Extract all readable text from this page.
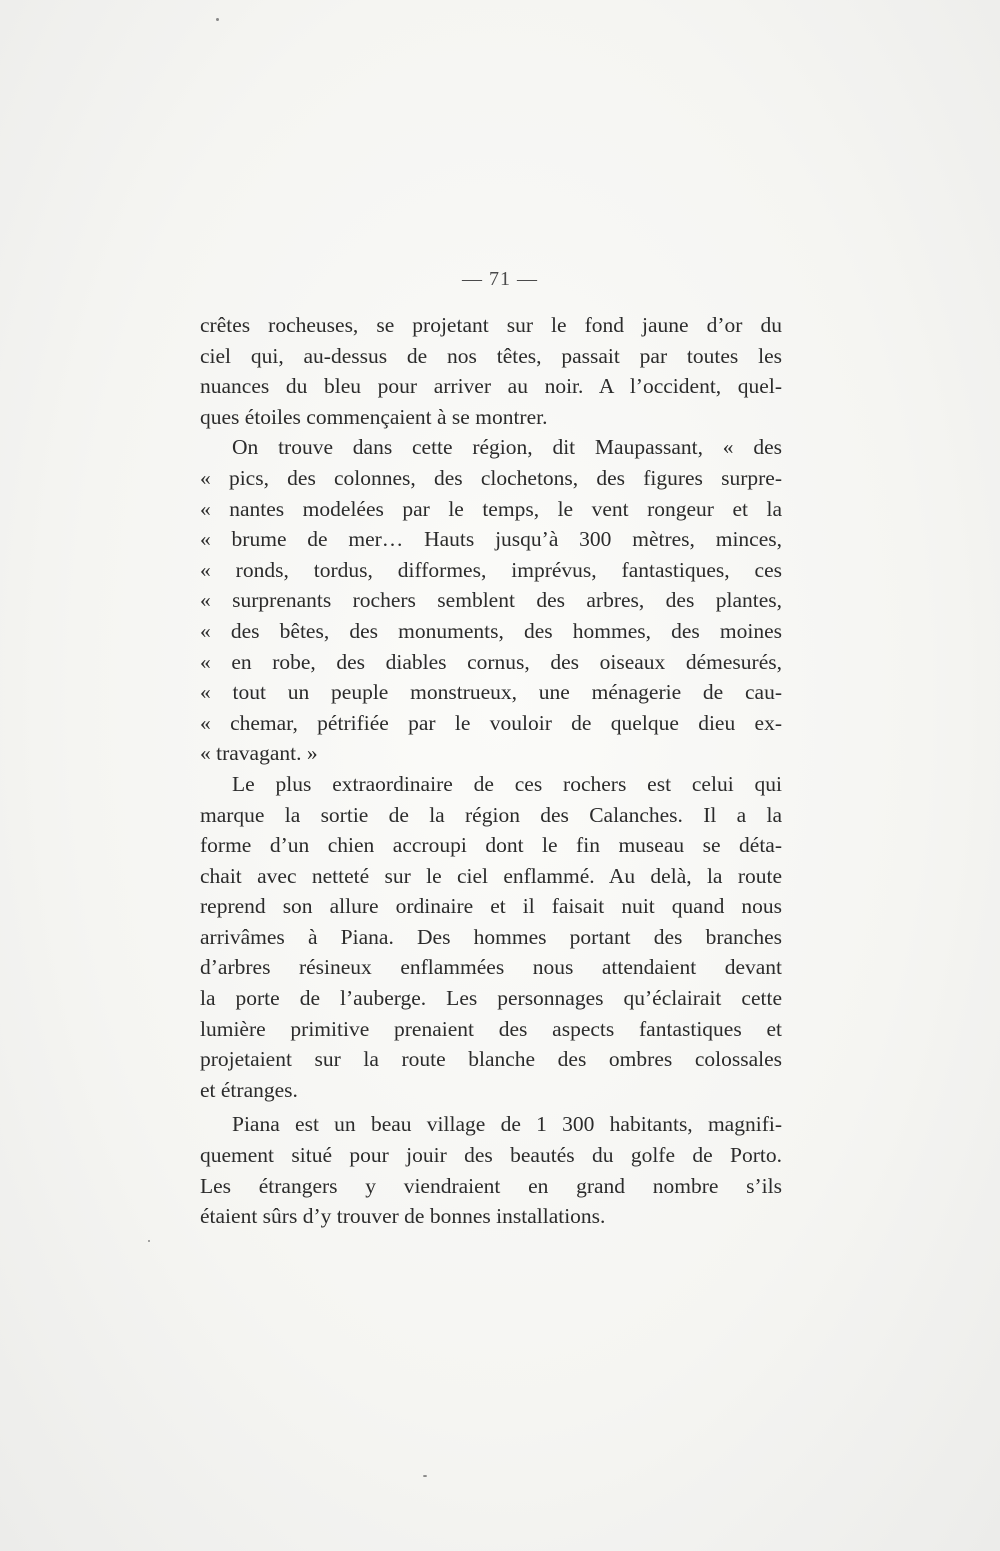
— 71 —
crêtes rocheuses, se projetant sur le fond jaune d’or du
ciel qui, au-dessus de nos têtes, passait par toutes les
nuances du bleu pour arriver au noir. A l’occident, quel-
ques étoiles commençaient à se montrer.
On trouve dans cette région, dit Maupassant, « des
« pics, des colonnes, des clochetons, des figures surpre-
« nantes modelées par le temps, le vent rongeur et la
« brume de mer… Hauts jusqu’à 300 mètres, minces,
« ronds, tordus, difformes, imprévus, fantastiques, ces
« surprenants rochers semblent des arbres, des plantes,
« des bêtes, des monuments, des hommes, des moines
« en robe, des diables cornus, des oiseaux démesurés,
« tout un peuple monstrueux, une ménagerie de cau-
« chemar, pétrifiée par le vouloir de quelque dieu ex-
« travagant. »
Le plus extraordinaire de ces rochers est celui qui
marque la sortie de la région des Calanches. Il a la
forme d’un chien accroupi dont le fin museau se déta-
chait avec netteté sur le ciel enflammé. Au delà, la route
reprend son allure ordinaire et il faisait nuit quand nous
arrivâmes à Piana. Des hommes portant des branches
d’arbres résineux enflammées nous attendaient devant
la porte de l’auberge. Les personnages qu’éclairait cette
lumière primitive prenaient des aspects fantastiques et
projetaient sur la route blanche des ombres colossales
et étranges.
Piana est un beau village de 1 300 habitants, magnifi-
quement situé pour jouir des beautés du golfe de Porto.
Les étrangers y viendraient en grand nombre s’ils
étaient sûrs d’y trouver de bonnes installations.
